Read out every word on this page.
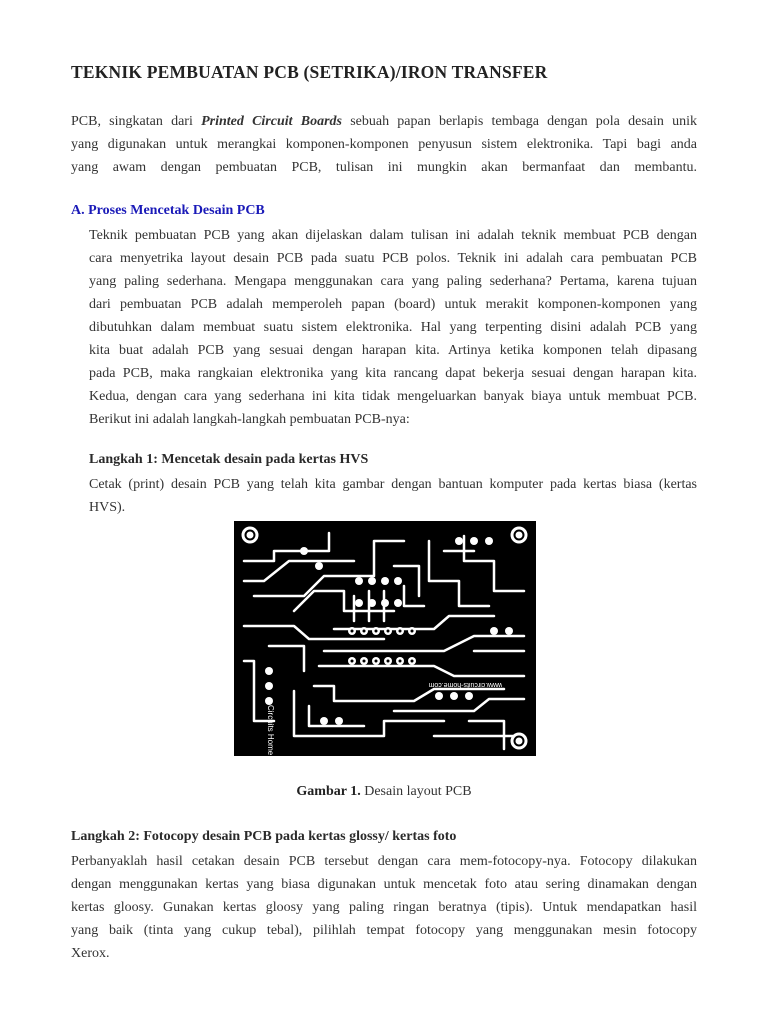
TEKNIK PEMBUATAN PCB (SETRIKA)/IRON TRANSFER
PCB, singkatan dari Printed Circuit Boards sebuah papan berlapis tembaga dengan pola desain unik
yang digunakan untuk merangkai komponen-komponen penyusun sistem elektronika. Tapi bagi anda
yang awam dengan pembuatan PCB, tulisan ini mungkin akan bermanfaat dan membantu.
A. Proses Mencetak Desain PCB
Teknik pembuatan PCB yang akan dijelaskan dalam tulisan ini adalah teknik membuat PCB dengan
cara menyetrika layout desain PCB pada suatu PCB polos. Teknik ini adalah cara pembuatan PCB
yang paling sederhana. Mengapa menggunakan cara yang paling sederhana? Pertama, karena tujuan
dari pembuatan PCB adalah memperoleh papan (board) untuk merakit komponen-komponen yang
dibutuhkan dalam membuat suatu sistem elektronika. Hal yang terpenting disini adalah PCB yang
kita buat adalah PCB yang sesuai dengan harapan kita. Artinya ketika komponen telah dipasang
pada PCB, maka rangkaian elektronika yang kita rancang dapat bekerja sesuai dengan harapan kita.
Kedua, dengan cara yang sederhana ini kita tidak mengeluarkan banyak biaya untuk membuat PCB.
Berikut ini adalah langkah-langkah pembuatan PCB-nya:
Langkah 1: Mencetak desain pada kertas HVS
Cetak (print) desain PCB yang telah kita gambar dengan bantuan komputer pada kertas biasa (kertas
HVS).
www.circuits-home.com
Circuits Home
Gambar 1. Desain layout PCB
Langkah 2: Fotocopy desain PCB pada kertas glossy/ kertas foto
Perbanyaklah hasil cetakan desain PCB tersebut dengan cara mem-fotocopy-nya. Fotocopy dilakukan
dengan menggunakan kertas yang biasa digunakan untuk mencetak foto atau sering dinamakan dengan
kertas gloosy. Gunakan kertas gloosy yang paling ringan beratnya (tipis). Untuk mendapatkan hasil
yang baik (tinta yang cukup tebal), pilihlah tempat fotocopy yang menggunakan mesin fotocopy
Xerox.
